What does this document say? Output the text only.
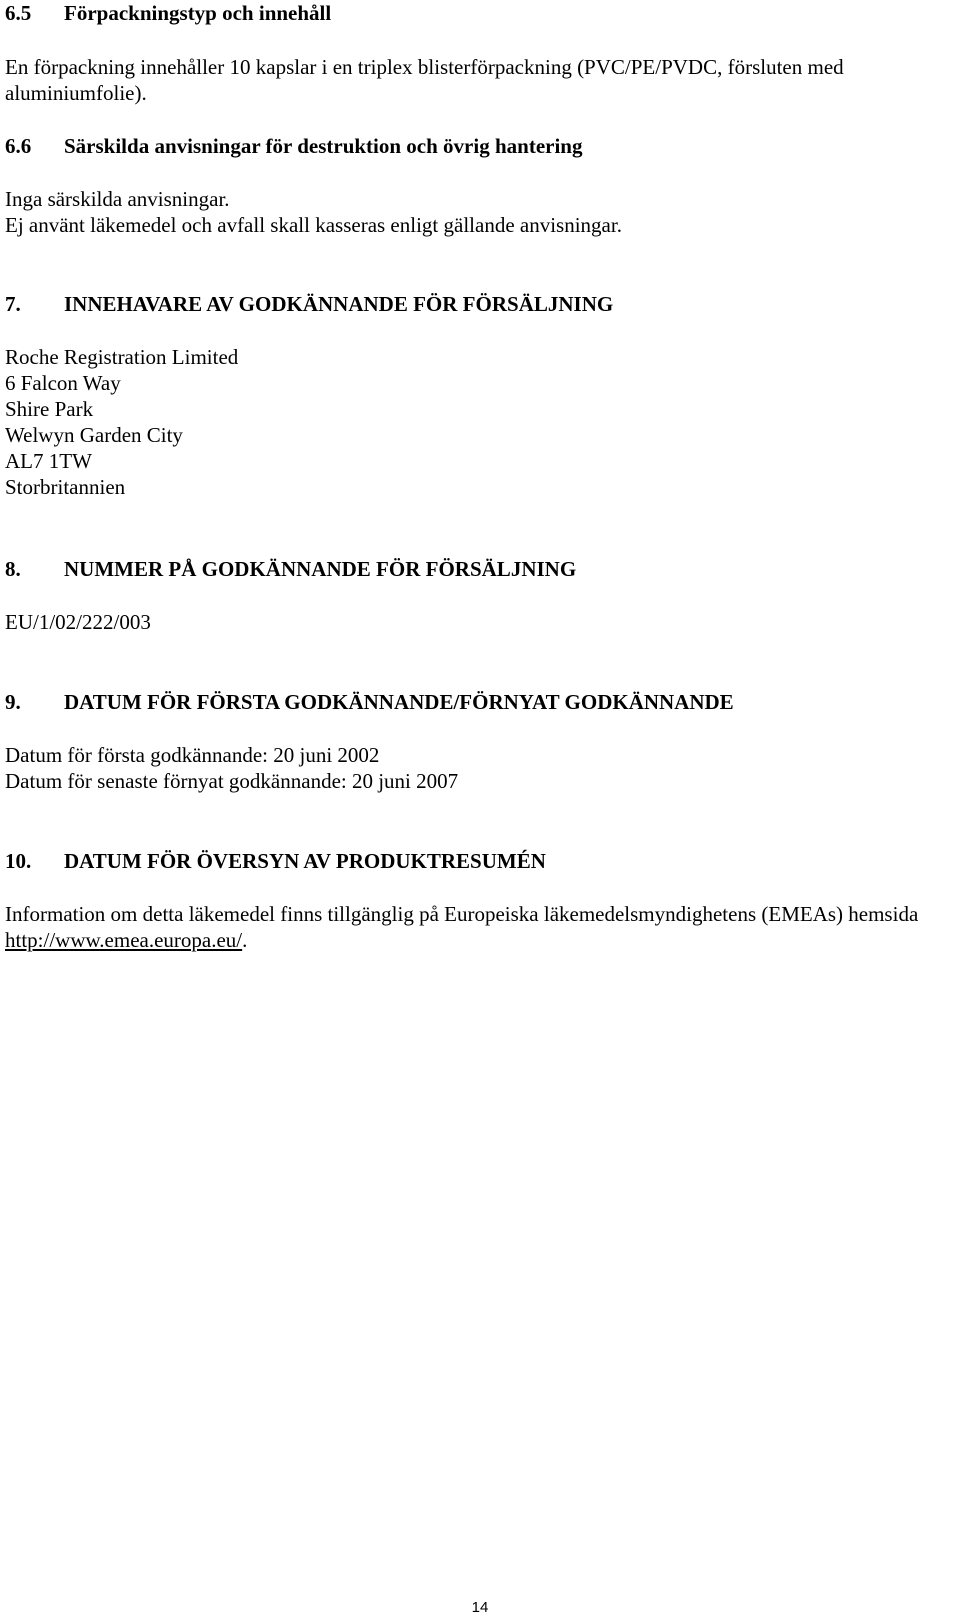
6.5 Förpackningstyp och innehåll
En förpackning innehåller 10 kapslar i en triplex blisterförpackning (PVC/PE/PVDC, försluten med aluminiumfolie).
6.6 Särskilda anvisningar för destruktion och övrig hantering
Inga särskilda anvisningar.
Ej använt läkemedel och avfall skall kasseras enligt gällande anvisningar.
7. INNEHAVARE AV GODKÄNNANDE FÖR FÖRSÄLJNING
Roche Registration Limited
6 Falcon Way
Shire Park
Welwyn Garden City
AL7 1TW
Storbritannien
8. NUMMER PÅ GODKÄNNANDE FÖR FÖRSÄLJNING
EU/1/02/222/003
9. DATUM FÖR FÖRSTA GODKÄNNANDE/FÖRNYAT GODKÄNNANDE
Datum för första godkännande: 20 juni 2002
Datum för senaste förnyat godkännande: 20 juni 2007
10. DATUM FÖR ÖVERSYN AV PRODUKTRESUMÉN
Information om detta läkemedel finns tillgänglig på Europeiska läkemedelsmyndighetens (EMEAs) hemsida http://www.emea.europa.eu/.
14
